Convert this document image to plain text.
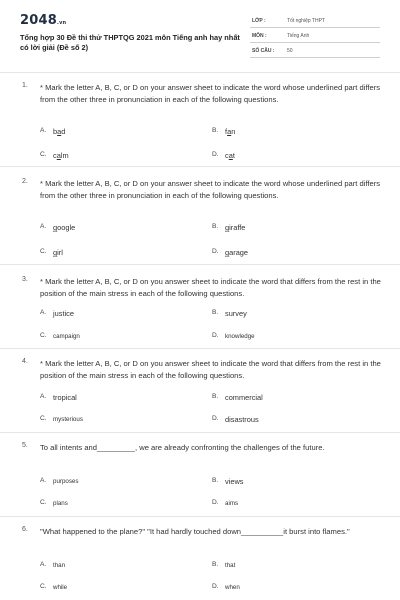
2048.vn
Tổng hợp 30 Đề thi thử THPTQG 2021 môn Tiếng anh hay nhất có lời giải (Đề số 2)
LỚP :	Tốt nghiệp THPT
MÔN :	Tiếng Anh
SỐ CÂU :	50
1. * Mark the letter A, B, C, or D on your answer sheet to indicate the word whose underlined part differs from the other three in pronunciation in each of the following questions.
A. bad	B. fan
C. calm	D. cat
2. * Mark the letter A, B, C, or D on your answer sheet to indicate the word whose underlined part differs from the other three in pronunciation in each of the following questions.
A. google	B. giraffe
C. girl	D. garage
3. * Mark the letter A, B, C, or D on you answer sheet to indicate the word that differs from the rest in the position of the main stress in each of the following questions.
A. justice	B. survey
C. campaign	D. knowledge
4. * Mark the letter A, B, C, or D on you answer sheet to indicate the word that differs from the rest in the position of the main stress in each of the following questions.
A. tropical	B. commercial
C. mysterious	D. disastrous
5. To all intents and_________, we are already confronting the challenges of the future.
A. purposes	B. views
C. plans	D. aims
6. "What happened to the plane?" "It had hardly touched down__________it burst into flames."
A. than	B. that
C. while	D. when
